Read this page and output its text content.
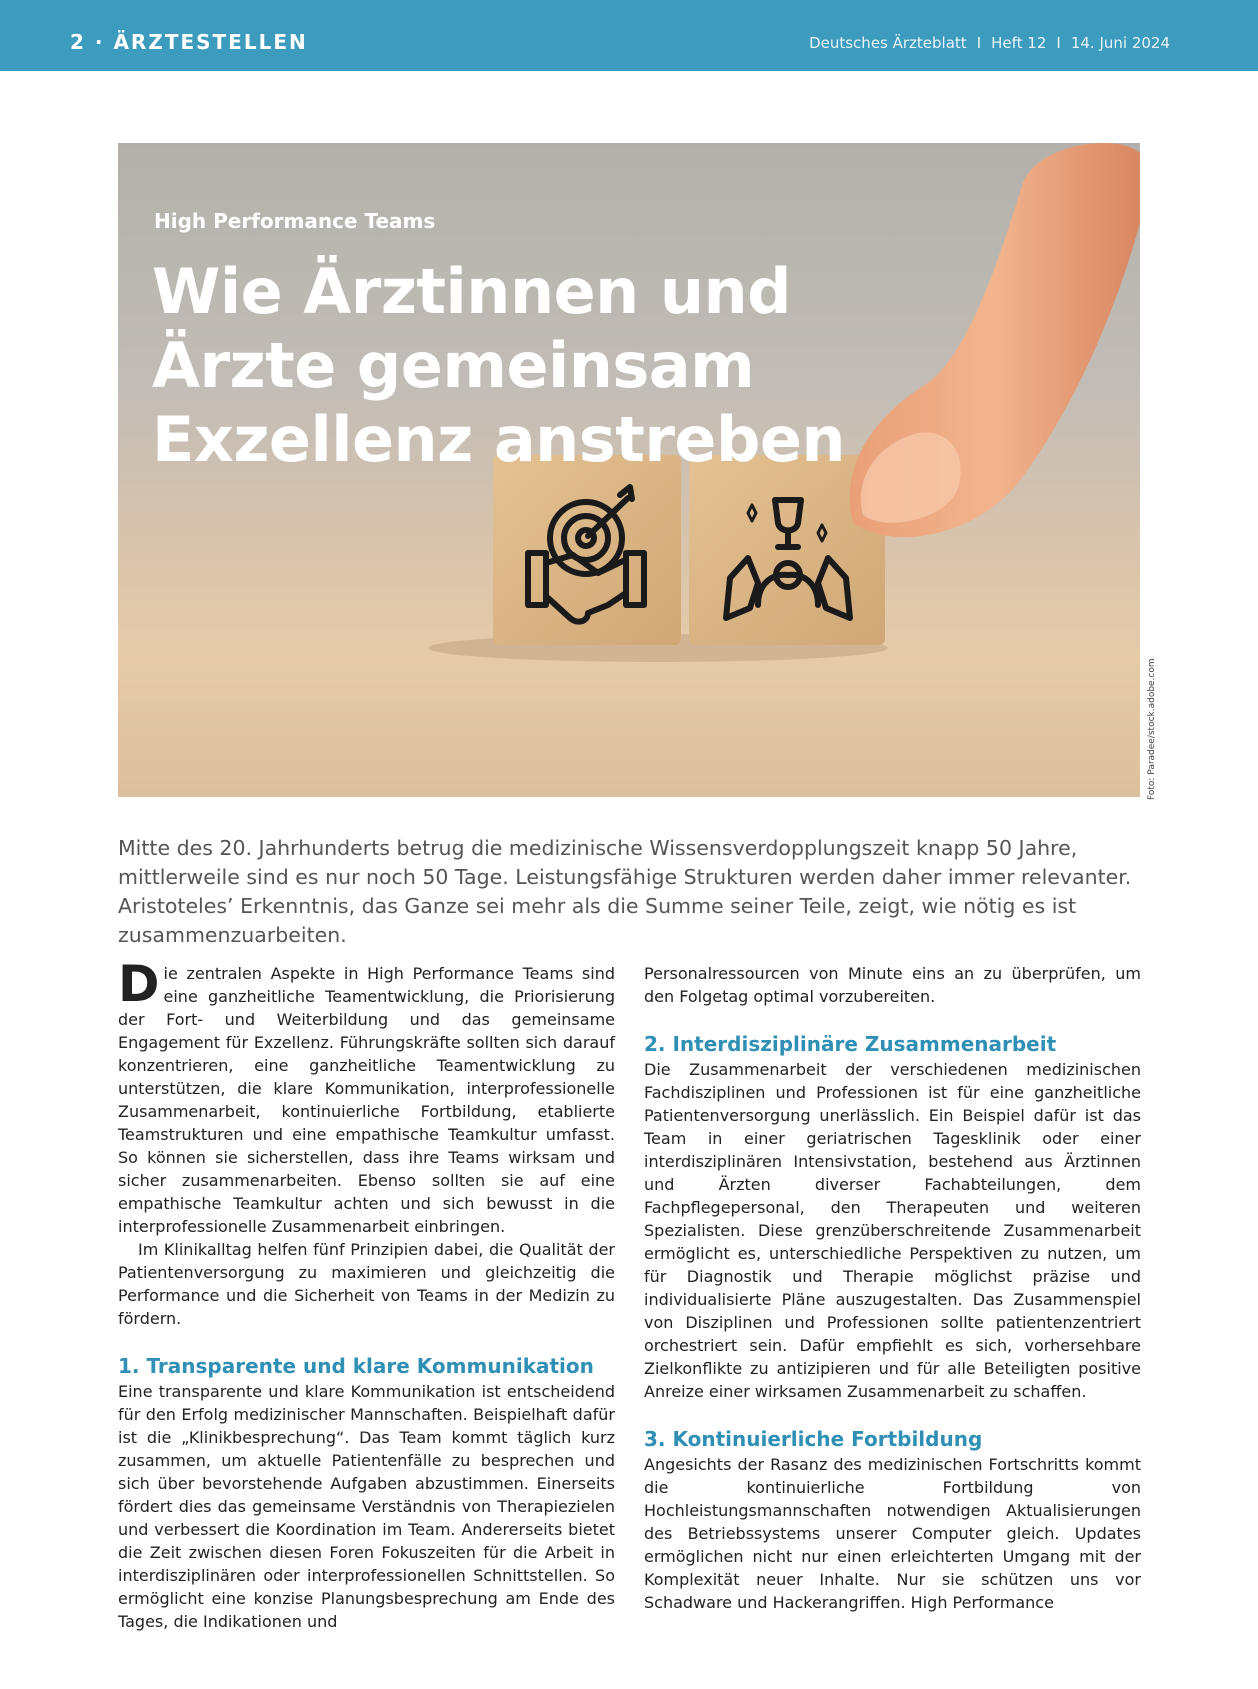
2 · ÄRZTESTELLEN	Deutsches Ärzteblatt I Heft 12 I 14. Juni 2024
High Performance Teams
Wie Ärztinnen und Ärzte gemeinsam Exzellenz anstreben
Foto: Paradee/stock.adobe.com

Mitte des 20. Jahrhunderts betrug die medizinische Wissensverdopplungszeit knapp 50 Jahre, mittlerweile sind es nur noch 50 Tage. Leistungsfähige Strukturen werden daher immer relevanter. Aristoteles’ Erkenntnis, das Ganze sei mehr als die Summe seiner Teile, zeigt, wie nötig es ist zusammenzuarbeiten.

Die zentralen Aspekte in High Performance Teams sind eine ganzheitliche Teamentwicklung, die Priorisierung der Fort- und Weiterbildung und das gemeinsame Engagement für Exzellenz. Führungskräfte sollten sich darauf konzentrieren, eine ganzheitliche Teamentwicklung zu unterstützen, die klare Kommunikation, interprofessionelle Zusammenarbeit, kontinuierliche Fortbildung, etablierte Teamstrukturen und eine empathische Teamkultur umfasst. So können sie sicherstellen, dass ihre Teams wirksam und sicher zusammenarbeiten. Ebenso sollten sie auf eine empathische Teamkultur achten und sich bewusst in die interprofessionelle Zusammenarbeit einbringen.

Im Klinikalltag helfen fünf Prinzipien dabei, die Qualität der Patientenversorgung zu maximieren und gleichzeitig die Performance und die Sicherheit von Teams in der Medizin zu fördern.

1. Transparente und klare Kommunikation

Eine transparente und klare Kommunikation ist entscheidend für den Erfolg medizinischer Mannschaften. Beispielhaft dafür ist die „Klinikbesprechung“. Das Team kommt täglich kurz zusammen, um aktuelle Patientenfälle zu besprechen und sich über bevorstehende Aufgaben abzustimmen. Einerseits fördert dies das gemeinsame Verständnis von Therapiezielen und verbessert die Koordination im Team. Andererseits bietet die Zeit zwischen diesen Foren Fokuszeiten für die Arbeit in interdisziplinären oder interprofessionellen Schnittstellen. So ermöglicht eine konzise Planungsbesprechung am Ende des Tages, die Indikationen und

Personalressourcen von Minute eins an zu überprüfen, um den Folgetag optimal vorzubereiten.

2. Interdisziplinäre Zusammenarbeit

Die Zusammenarbeit der verschiedenen medizinischen Fachdisziplinen und Professionen ist für eine ganzheitliche Patientenversorgung unerlässlich. Ein Beispiel dafür ist das Team in einer geriatrischen Tagesklinik oder einer interdisziplinären Intensivstation, bestehend aus Ärztinnen und Ärzten diverser Fachabteilungen, dem Fachpflegepersonal, den Therapeuten und weiteren Spezialisten. Diese grenzüberschreitende Zusammenarbeit ermöglicht es, unterschiedliche Perspektiven zu nutzen, um für Diagnostik und Therapie möglichst präzise und individualisierte Pläne auszugestalten. Das Zusammenspiel von Disziplinen und Professionen sollte patientenzentriert orchestriert sein. Dafür empfiehlt es sich, vorhersehbare Zielkonflikte zu antizipieren und für alle Beteiligten positive Anreize einer wirksamen Zusammenarbeit zu schaffen.

3. Kontinuierliche Fortbildung

Angesichts der Rasanz des medizinischen Fortschritts kommt die kontinuierliche Fortbildung von Hochleistungsmannschaften notwendigen Aktualisierungen des Betriebssystems unserer Computer gleich. Updates ermöglichen nicht nur einen erleichterten Umgang mit der Komplexität neuer Inhalte. Nur sie schützen uns vor Schadware und Hackerangriffen. High Performance
